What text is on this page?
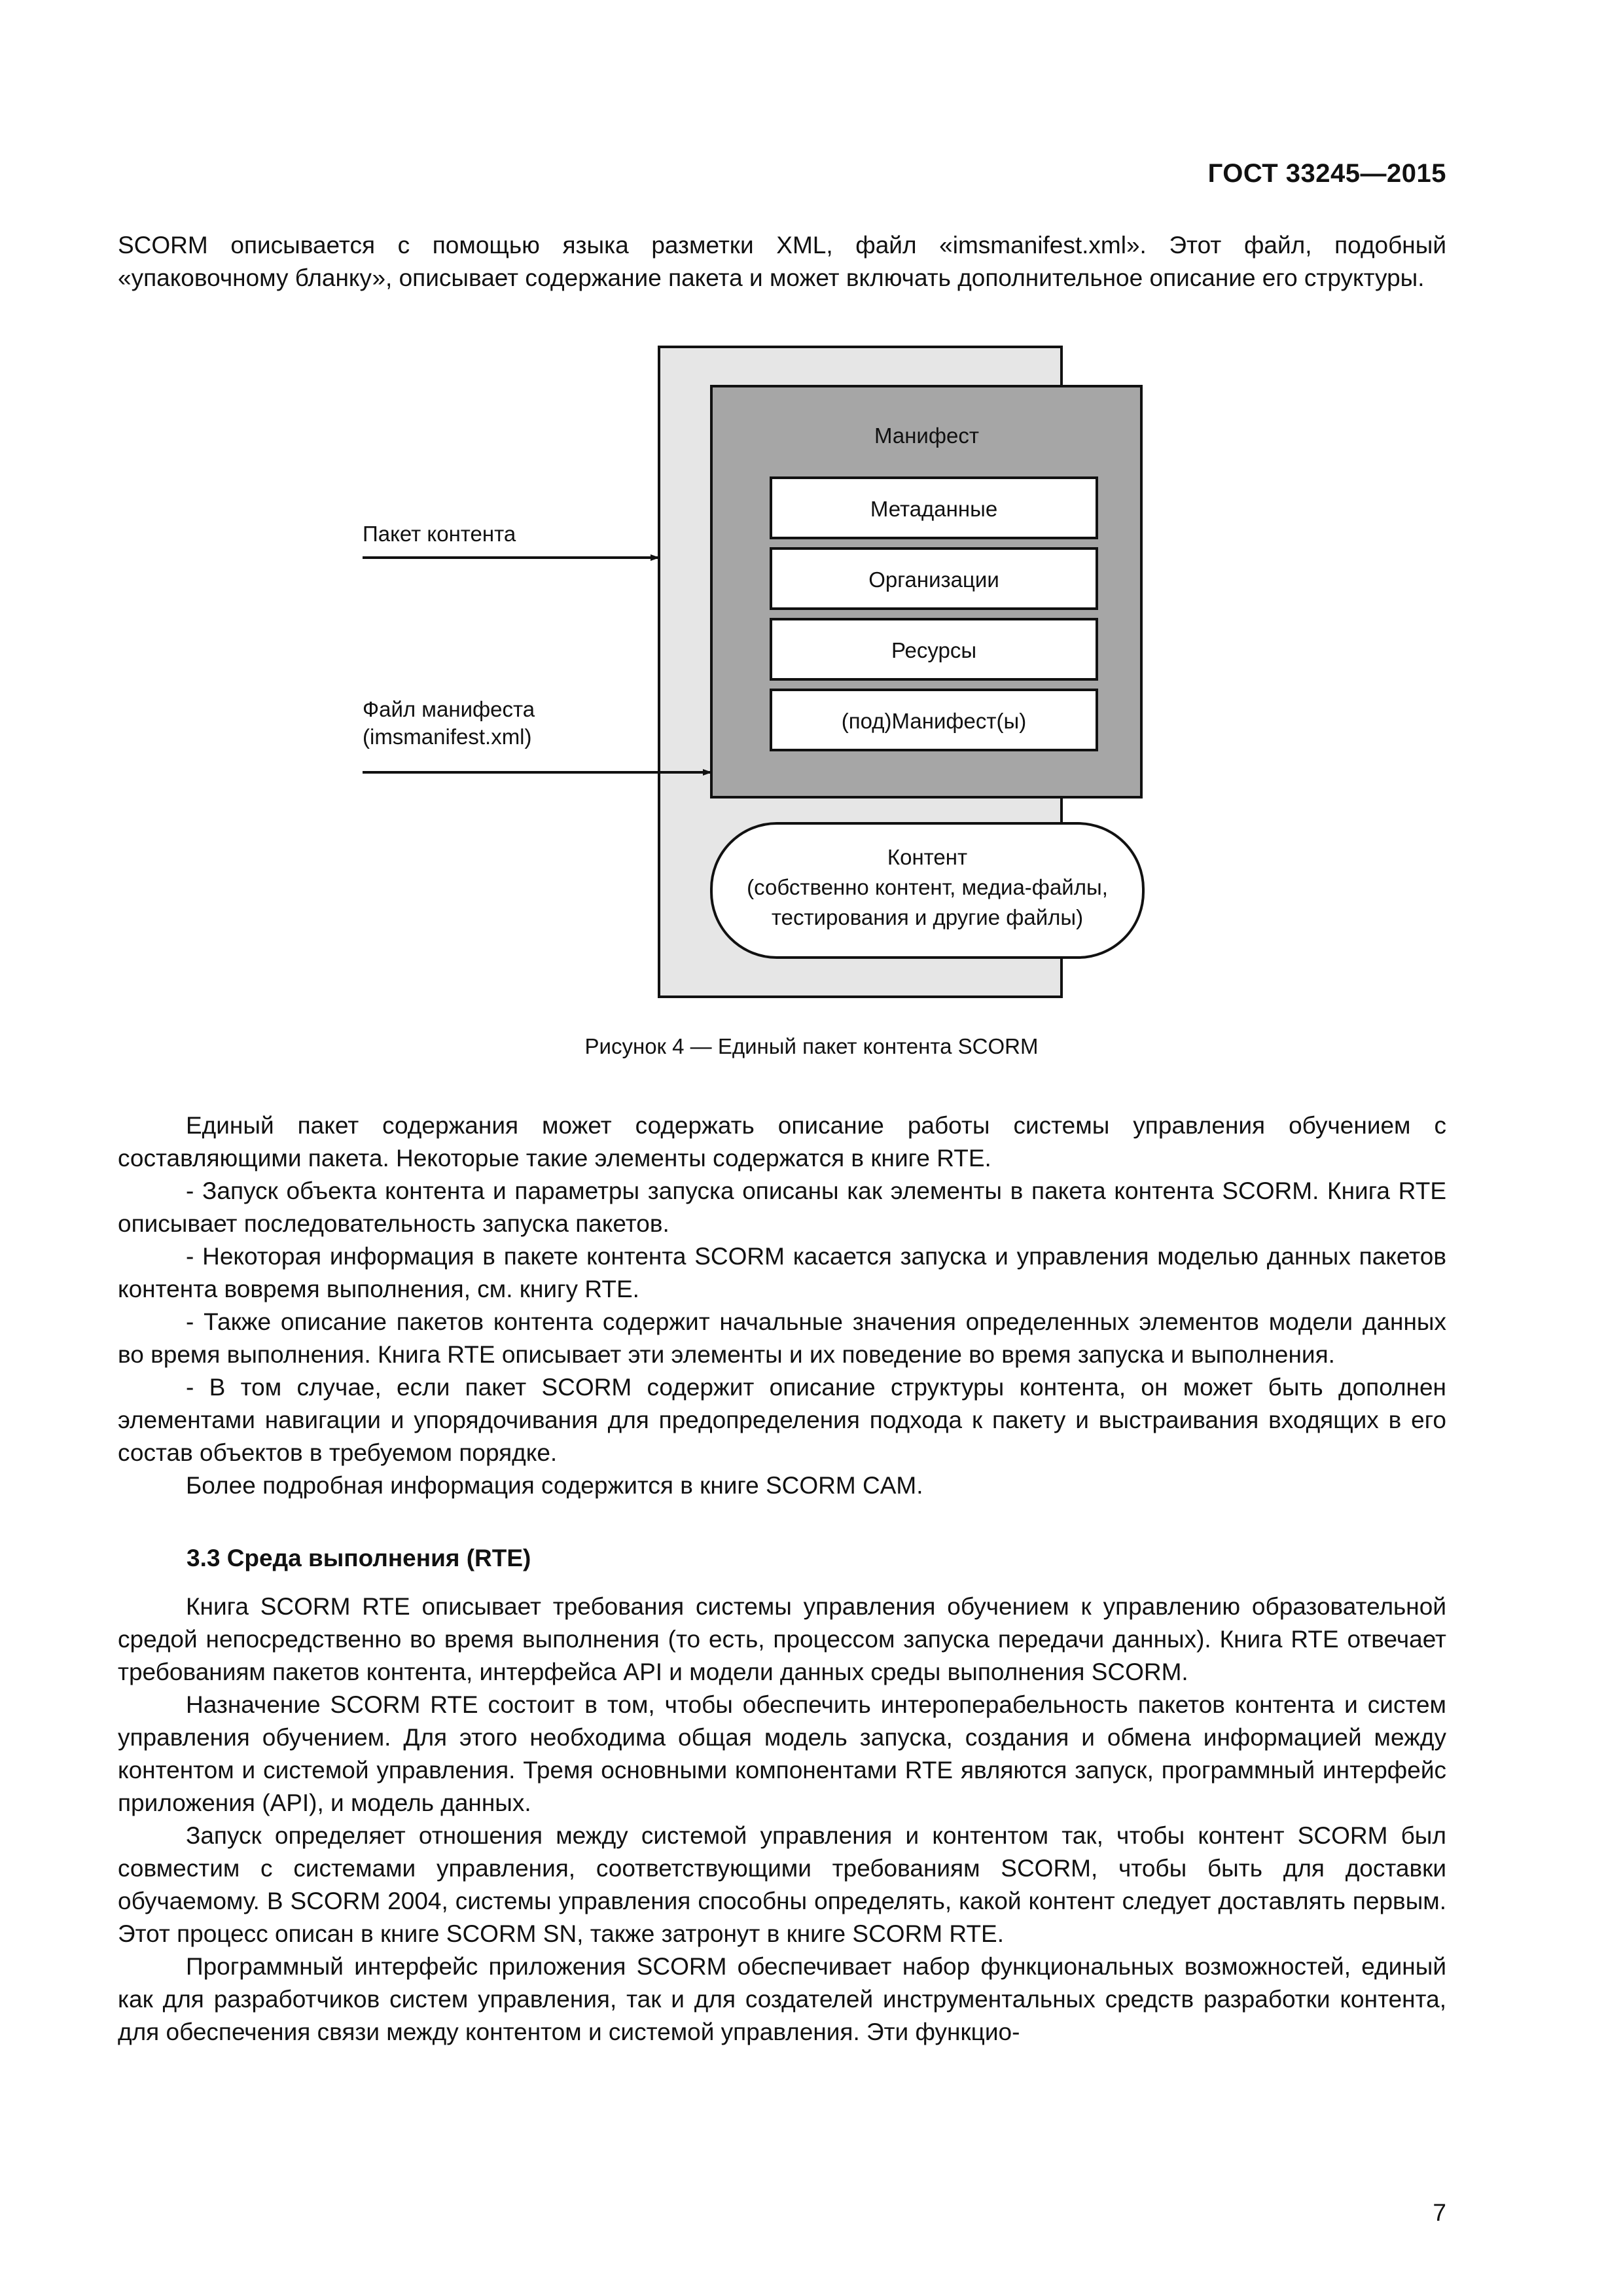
ГОСТ 33245—2015

SCORM описывается с помощью языка разметки XML, файл «imsmanifest.xml». Этот файл, подобный «упаковочному бланку», описывает содержание пакета и может включать дополнительное описание его структуры.

Манифест
Метаданные
Организации
Ресурсы
(под)Манифест(ы)
Контент
(собственно контент, медиа-файлы,
тестирования и другие файлы)
Пакет контента
Файл манифеста
(imsmanifest.xml)
Рисунок 4 — Единый пакет контента SCORM

Единый пакет содержания может содержать описание работы системы управления обучением с составляющими пакета. Некоторые такие элементы содержатся в книге RTE.

- Запуск объекта контента и параметры запуска описаны как элементы в пакета контента SCORM. Книга RTE описывает последовательность запуска пакетов.

- Некоторая информация в пакете контента SCORM касается запуска и управления моделью данных пакетов контента вовремя выполнения, см. книгу RTE.

- Также описание пакетов контента содержит начальные значения определенных элементов модели данных во время выполнения. Книга RTE описывает эти элементы и их поведение во время запуска и выполнения.

- В том случае, если пакет SCORM содержит описание структуры контента, он может быть дополнен элементами навигации и упорядочивания для предопределения подхода к пакету и выстраивания входящих в его состав объектов в требуемом порядке.

Более подробная информация содержится в книге SCORM CAM.

3.3 Среда выполнения (RTE)

Книга SCORM RTE описывает требования системы управления обучением к управлению образовательной средой непосредственно во время выполнения (то есть, процессом запуска передачи данных). Книга RTE отвечает требованиям пакетов контента, интерфейса API и модели данных среды выполнения SCORM.

Назначение SCORM RTE состоит в том, чтобы обеспечить интероперабельность пакетов контента и систем управления обучением. Для этого необходима общая модель запуска, создания и обмена информацией между контентом и системой управления. Тремя основными компонентами RTE являются запуск, программный интерфейс приложения (API), и модель данных.

Запуск определяет отношения между системой управления и контентом так, чтобы контент SCORM был совместим с системами управления, соответствующими требованиям SCORM, чтобы быть для доставки обучаемому. В SCORM 2004, системы управления способны определять, какой контент следует доставлять первым. Этот процесс описан в книге SCORM SN, также затронут в книге SCORM RTE.

Программный интерфейс приложения SCORM обеспечивает набор функциональных возможностей, единый как для разработчиков систем управления, так и для создателей инструментальных средств разработки контента, для обеспечения связи между контентом и системой управления. Эти функцио-

7
